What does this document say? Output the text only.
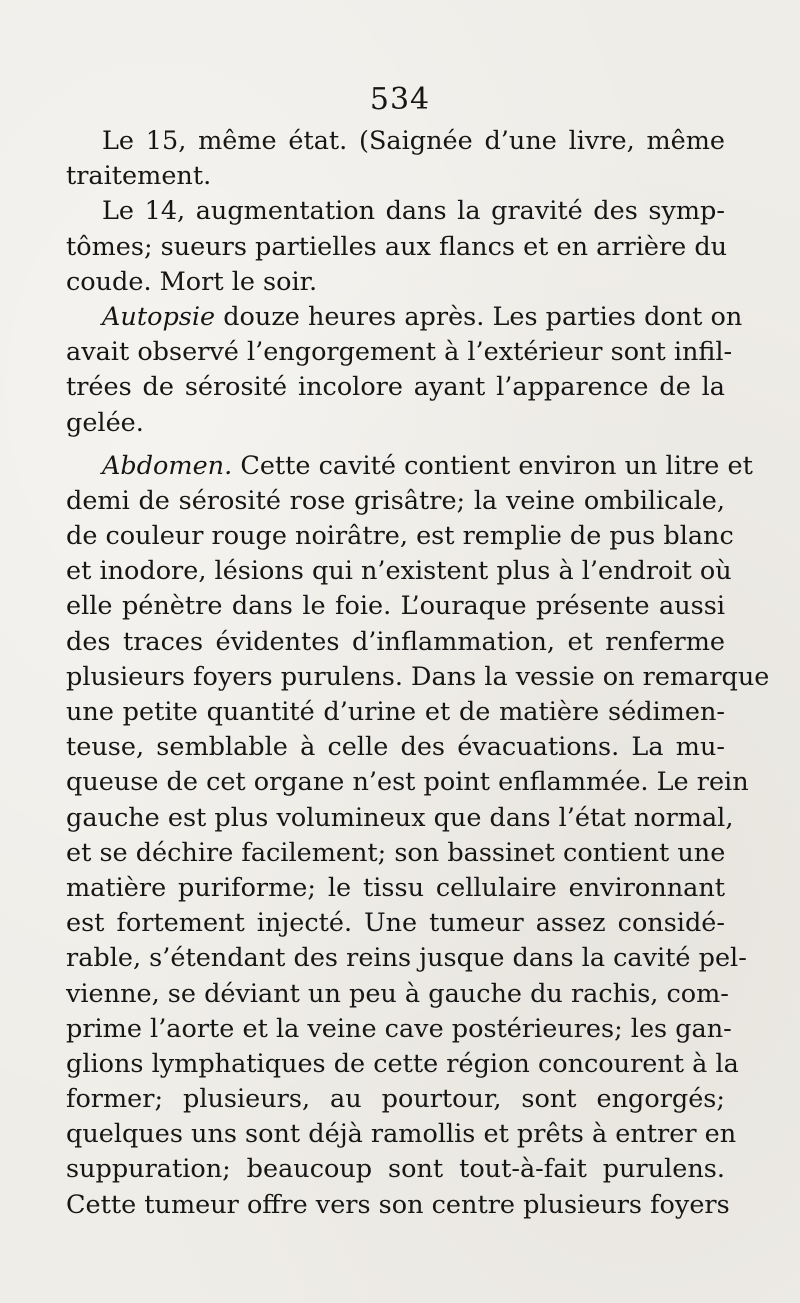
534
Le 15, même état. (Saignée d’une livre, même
traitement.
Le 14, augmentation dans la gravité des symp-
tômes; sueurs partielles aux flancs et en arrière du
coude. Mort le soir.
Autopsie douze heures après. Les parties dont on
avait observé l’engorgement à l’extérieur sont infil-
trées de sérosité incolore ayant l’apparence de la
gelée.
Abdomen. Cette cavité contient environ un litre et
demi de sérosité rose grisâtre; la veine ombilicale,
de couleur rouge noirâtre, est remplie de pus blanc
et inodore, lésions qui n’existent plus à l’endroit où
elle pénètre dans le foie. L’ouraque présente aussi
des traces évidentes d’inflammation, et renferme
plusieurs foyers purulens. Dans la vessie on remarque
une petite quantité d’urine et de matière sédimen-
teuse, semblable à celle des évacuations. La mu-
queuse de cet organe n’est point enflammée. Le rein
gauche est plus volumineux que dans l’état normal,
et se déchire facilement; son bassinet contient une
matière puriforme; le tissu cellulaire environnant
est fortement injecté. Une tumeur assez considé-
rable, s’étendant des reins jusque dans la cavité pel-
vienne, se déviant un peu à gauche du rachis, com-
prime l’aorte et la veine cave postérieures; les gan-
glions lymphatiques de cette région concourent à la
former; plusieurs, au pourtour, sont engorgés;
quelques uns sont déjà ramollis et prêts à entrer en
suppuration; beaucoup sont tout-à-fait purulens.
Cette tumeur offre vers son centre plusieurs foyers
